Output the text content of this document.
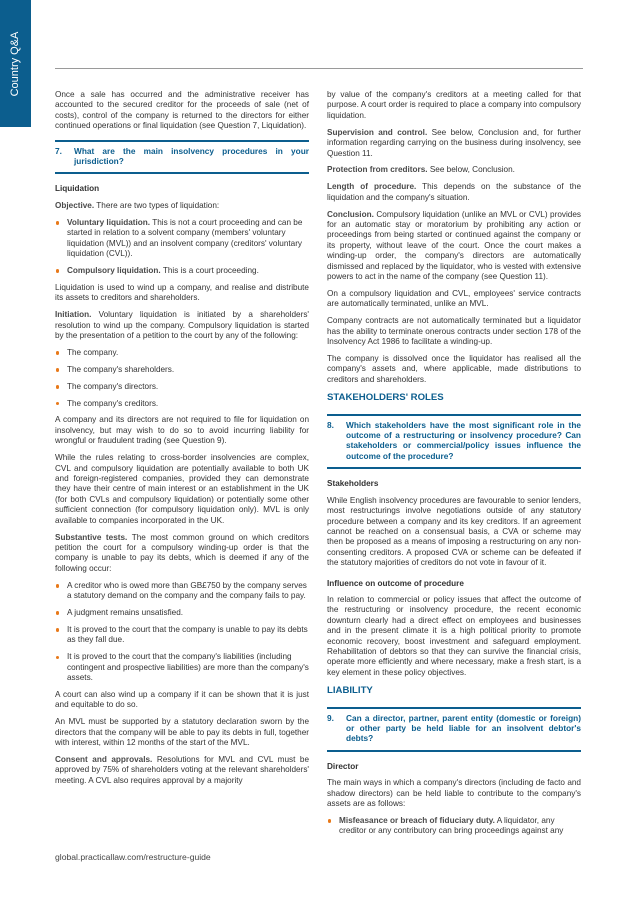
Country Q&A	Once a sale has occurred and the administrative receiver has accounted to the secured creditor for the proceeds of sale (net of costs), control of the company is returned to the directors for either continued operations or final liquidation (see Question 7, Liquidation).

7.	What are the main insolvency procedures in your jurisdiction?
Liquidation

Objective. There are two types of liquidation:

Voluntary liquidation. This is not a court proceeding and can be started in relation to a solvent company (members' voluntary liquidation (MVL)) and an insolvent company (creditors' voluntary liquidation (CVL)).
Compulsory liquidation. This is a court proceeding.

Liquidation is used to wind up a company, and realise and distribute its assets to creditors and shareholders.

Initiation. Voluntary liquidation is initiated by a shareholders' resolution to wind up the company. Compulsory liquidation is started by the presentation of a petition to the court by any of the following:

The company.
The company's shareholders.
The company's directors.
The company's creditors.

A company and its directors are not required to file for liquidation on insolvency, but may wish to do so to avoid incurring liability for wrongful or fraudulent trading (see Question 9).

While the rules relating to cross-border insolvencies are complex, CVL and compulsory liquidation are potentially available to both UK and foreign-registered companies, provided they can demonstrate they have their centre of main interest or an establishment in the UK (for both CVLs and compulsory liquidation) or potentially some other sufficient connection (for compulsory liquidation only). MVL is only available to companies incorporated in the UK.

Substantive tests. The most common ground on which creditors petition the court for a compulsory winding-up order is that the company is unable to pay its debts, which is deemed if any of the following occur:

A creditor who is owed more than GB£750 by the company serves a statutory demand on the company and the company fails to pay.
A judgment remains unsatisfied.
It is proved to the court that the company is unable to pay its debts as they fall due.
It is proved to the court that the company's liabilities (including contingent and prospective liabilities) are more than the company's assets.

A court can also wind up a company if it can be shown that it is just and equitable to do so.

An MVL must be supported by a statutory declaration sworn by the directors that the company will be able to pay its debts in full, together with interest, within 12 months of the start of the MVL.

Consent and approvals. Resolutions for MVL and CVL must be approved by 75% of shareholders voting at the relevant shareholders' meeting. A CVL also requires approval by a majority

by value of the company's creditors at a meeting called for that purpose. A court order is required to place a company into compulsory liquidation.

Supervision and control. See below, Conclusion and, for further information regarding carrying on the business during insolvency, see Question 11.

Protection from creditors. See below, Conclusion.

Length of procedure. This depends on the substance of the liquidation and the company's situation.

Conclusion. Compulsory liquidation (unlike an MVL or CVL) provides for an automatic stay or moratorium by prohibiting any action or proceedings from being started or continued against the company or its property, without leave of the court. Once the court makes a winding-up order, the company's directors are automatically dismissed and replaced by the liquidator, who is vested with extensive powers to act in the name of the company (see Question 11).

On a compulsory liquidation and CVL, employees' service contracts are automatically terminated, unlike an MVL.

Company contracts are not automatically terminated but a liquidator has the ability to terminate onerous contracts under section 178 of the Insolvency Act 1986 to facilitate a winding-up.

The company is dissolved once the liquidator has realised all the company's assets and, where applicable, made distributions to creditors and shareholders.

STAKEHOLDERS' ROLES
8.	Which stakeholders have the most significant role in the outcome of a restructuring or insolvency procedure? Can stakeholders or commercial/policy issues influence the outcome of the procedure?
Stakeholders

While English insolvency procedures are favourable to senior lenders, most restructurings involve negotiations outside of any statutory procedure between a company and its key creditors. If an agreement cannot be reached on a consensual basis, a CVA or scheme may then be proposed as a means of imposing a restructuring on any non-consenting creditors. A proposed CVA or scheme can be defeated if the statutory majorities of creditors do not vote in favour of it.

Influence on outcome of procedure

In relation to commercial or policy issues that affect the outcome of the restructuring or insolvency procedure, the recent economic downturn clearly had a direct effect on employees and businesses and in the present climate it is a high political priority to promote economic recovery, boost investment and safeguard employment. Rehabilitation of debtors so that they can survive the financial crisis, operate more efficiently and where necessary, make a fresh start, is a key element in these policy objectives.

LIABILITY
9.	Can a director, partner, parent entity (domestic or foreign) or other party be held liable for an insolvent debtor's debts?
Director

The main ways in which a company's directors (including de facto and shadow directors) can be held liable to contribute to the company's assets are as follows:

Misfeasance or breach of fiduciary duty. A liquidator, any creditor or any contributory can bring proceedings against any
global.practicallaw.com/restructure-guide
